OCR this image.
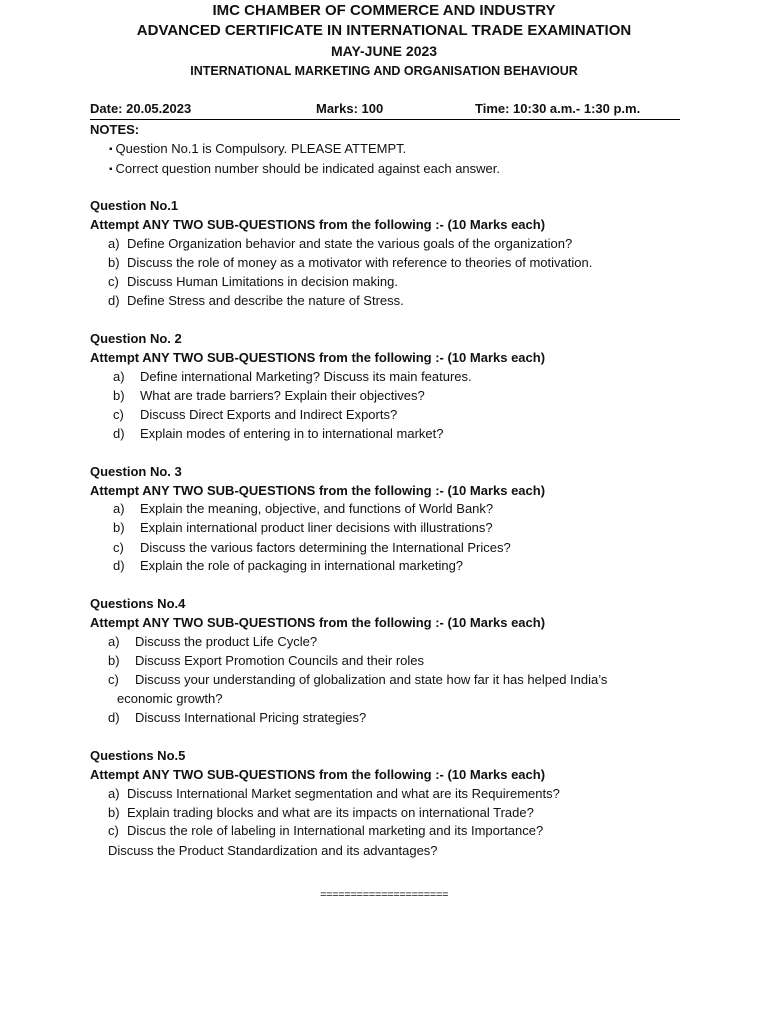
IMC CHAMBER OF COMMERCE AND INDUSTRY

ADVANCED CERTIFICATE IN INTERNATIONAL TRADE EXAMINATION

MAY-JUNE 2023

INTERNATIONAL MARKETING AND ORGANISATION BEHAVIOUR

Date: 20.05.2023	Marks: 100	Time: 10:30 a.m.- 1:30 p.m.

NOTES:

▪ Question No.1 is Compulsory. PLEASE ATTEMPT.

▪ Correct question number should be indicated against each answer.

Question No.1

Attempt ANY TWO SUB-QUESTIONS from the following :- (10 Marks each)

a) Define Organization behavior and state the various goals of the organization?

b) Discuss the role of money as a motivator with reference to theories of motivation.

c) Discuss Human Limitations in decision making.

d) Define Stress and describe the nature of Stress.

Question No. 2

Attempt ANY TWO SUB-QUESTIONS from the following :- (10 Marks each)

a) Define international Marketing? Discuss its main features.

b) What are trade barriers? Explain their objectives?

c) Discuss Direct Exports and Indirect Exports?

d) Explain modes of entering in to international market?

Question No. 3

Attempt ANY TWO SUB-QUESTIONS from the following :- (10 Marks each)

a) Explain the meaning, objective, and functions of World Bank?

b) Explain international product liner decisions with illustrations?

c) Discuss the various factors determining the International Prices?

d) Explain the role of packaging in international marketing?

Questions No.4

Attempt ANY TWO SUB-QUESTIONS from the following :- (10 Marks each)

a) Discuss the product Life Cycle?

b) Discuss Export Promotion Councils and their roles

c) Discuss your understanding of globalization and state how far it has helped India’s

economic growth?

d) Discuss International Pricing strategies?

Questions No.5

Attempt ANY TWO SUB-QUESTIONS from the following :- (10 Marks each)

a) Discuss International Market segmentation and what are its Requirements?

b) Explain trading blocks and what are its impacts on international Trade?

c) Discus the role of labeling in International marketing and its Importance?

Discuss the Product Standardization and its advantages?

=====================
